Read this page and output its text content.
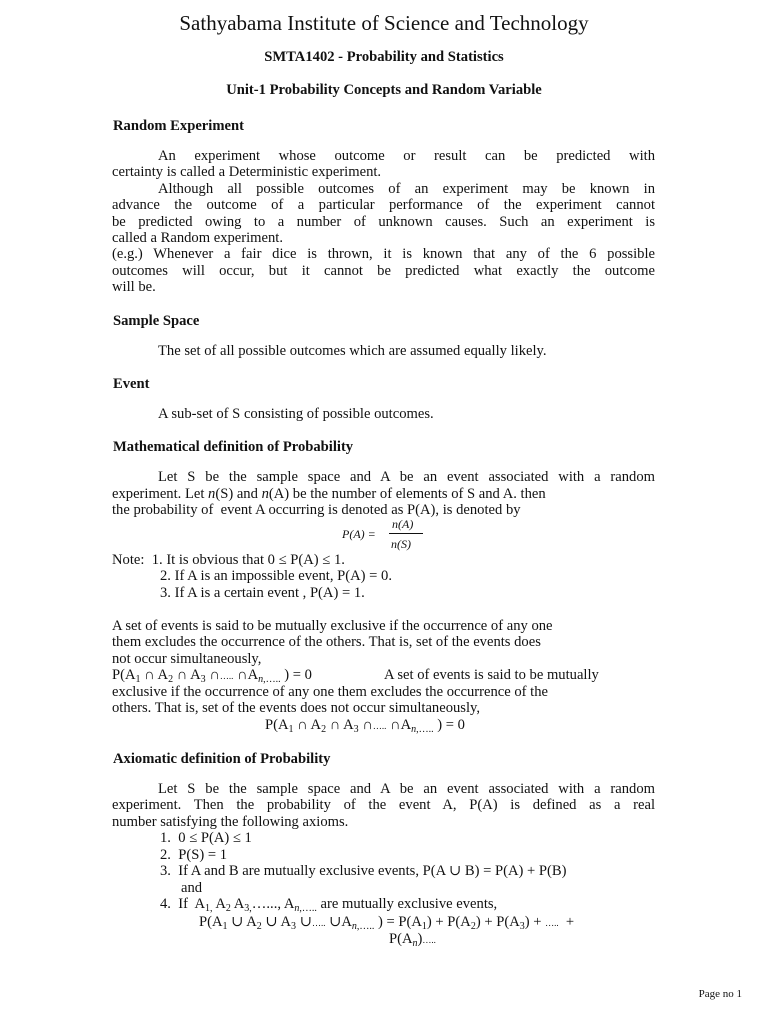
Sathyabama Institute of Science and Technology
SMTA1402 - Probability and Statistics
Unit-1 Probability Concepts and Random Variable
Random Experiment
An experiment whose outcome or result can be predicted with
certainty is called a Deterministic experiment.
Although all possible outcomes of an experiment may be known in
advance the outcome of a particular performance of the experiment cannot
be predicted owing to a number of unknown causes. Such an experiment is
called a Random experiment.
(e.g.) Whenever a fair dice is thrown, it is known that any of the 6 possible
outcomes will occur, but it cannot be predicted what exactly the outcome
will be.
Sample Space
The set of all possible outcomes which are assumed equally likely.
Event
A sub-set of S consisting of possible outcomes.
Mathematical definition of Probability
Let S be the sample space and A be an event associated with a random
experiment. Let n(S) and n(A) be the number of elements of S and A. then
the probability of  event A occurring is denoted as P(A), is denoted by
P(A) =
n(A)
n(S)
Note:  1. It is obvious that 0 ≤ P(A) ≤ 1.
2. If A is an impossible event, P(A) = 0.
3. If A is a certain event , P(A) = 1.
A set of events is said to be mutually exclusive if the occurrence of any one
them excludes the occurrence of the others. That is, set of the events does
not occur simultaneously,
$P(A_1$ ∩ $A_2$ ∩ $A_3$ ∩….. $\cap A_{n,\dots..}$ ) = 0	A set of events is said to be mutually
exclusive if the occurrence of any one them excludes the occurrence of the
others. That is, set of the events does not occur simultaneously,
$P(A_1$ ∩ $A_2$ ∩ $A_3$ ∩….. $\cap A_{n,\dots..}$ ) = 0
Axiomatic definition of Probability
Let S be the sample space and A be an event associated with a random
experiment. Then the probability of the event A, P(A) is defined as a real
number satisfying the following axioms.
1.  0 ≤ P(A) ≤ 1
2.  P(S) = 1
3.  If A and B are mutually exclusive events, P(A ∪ B) = P(A) + P(B)
and
4.  If  $A_{1,}$ $A_2$ $A_{3,}\dots$..., $A_{n,\dots..}$ are mutually exclusive events,
$P(A_1$ ∪ $A_2$ ∪ $A_3$ ∪….. $\cup A_{n,\dots..}$ ) = $P(A_1) + P(A_2) + P(A_3)$ + …..  +
$P(A_n)\dots$..
Page no 1
